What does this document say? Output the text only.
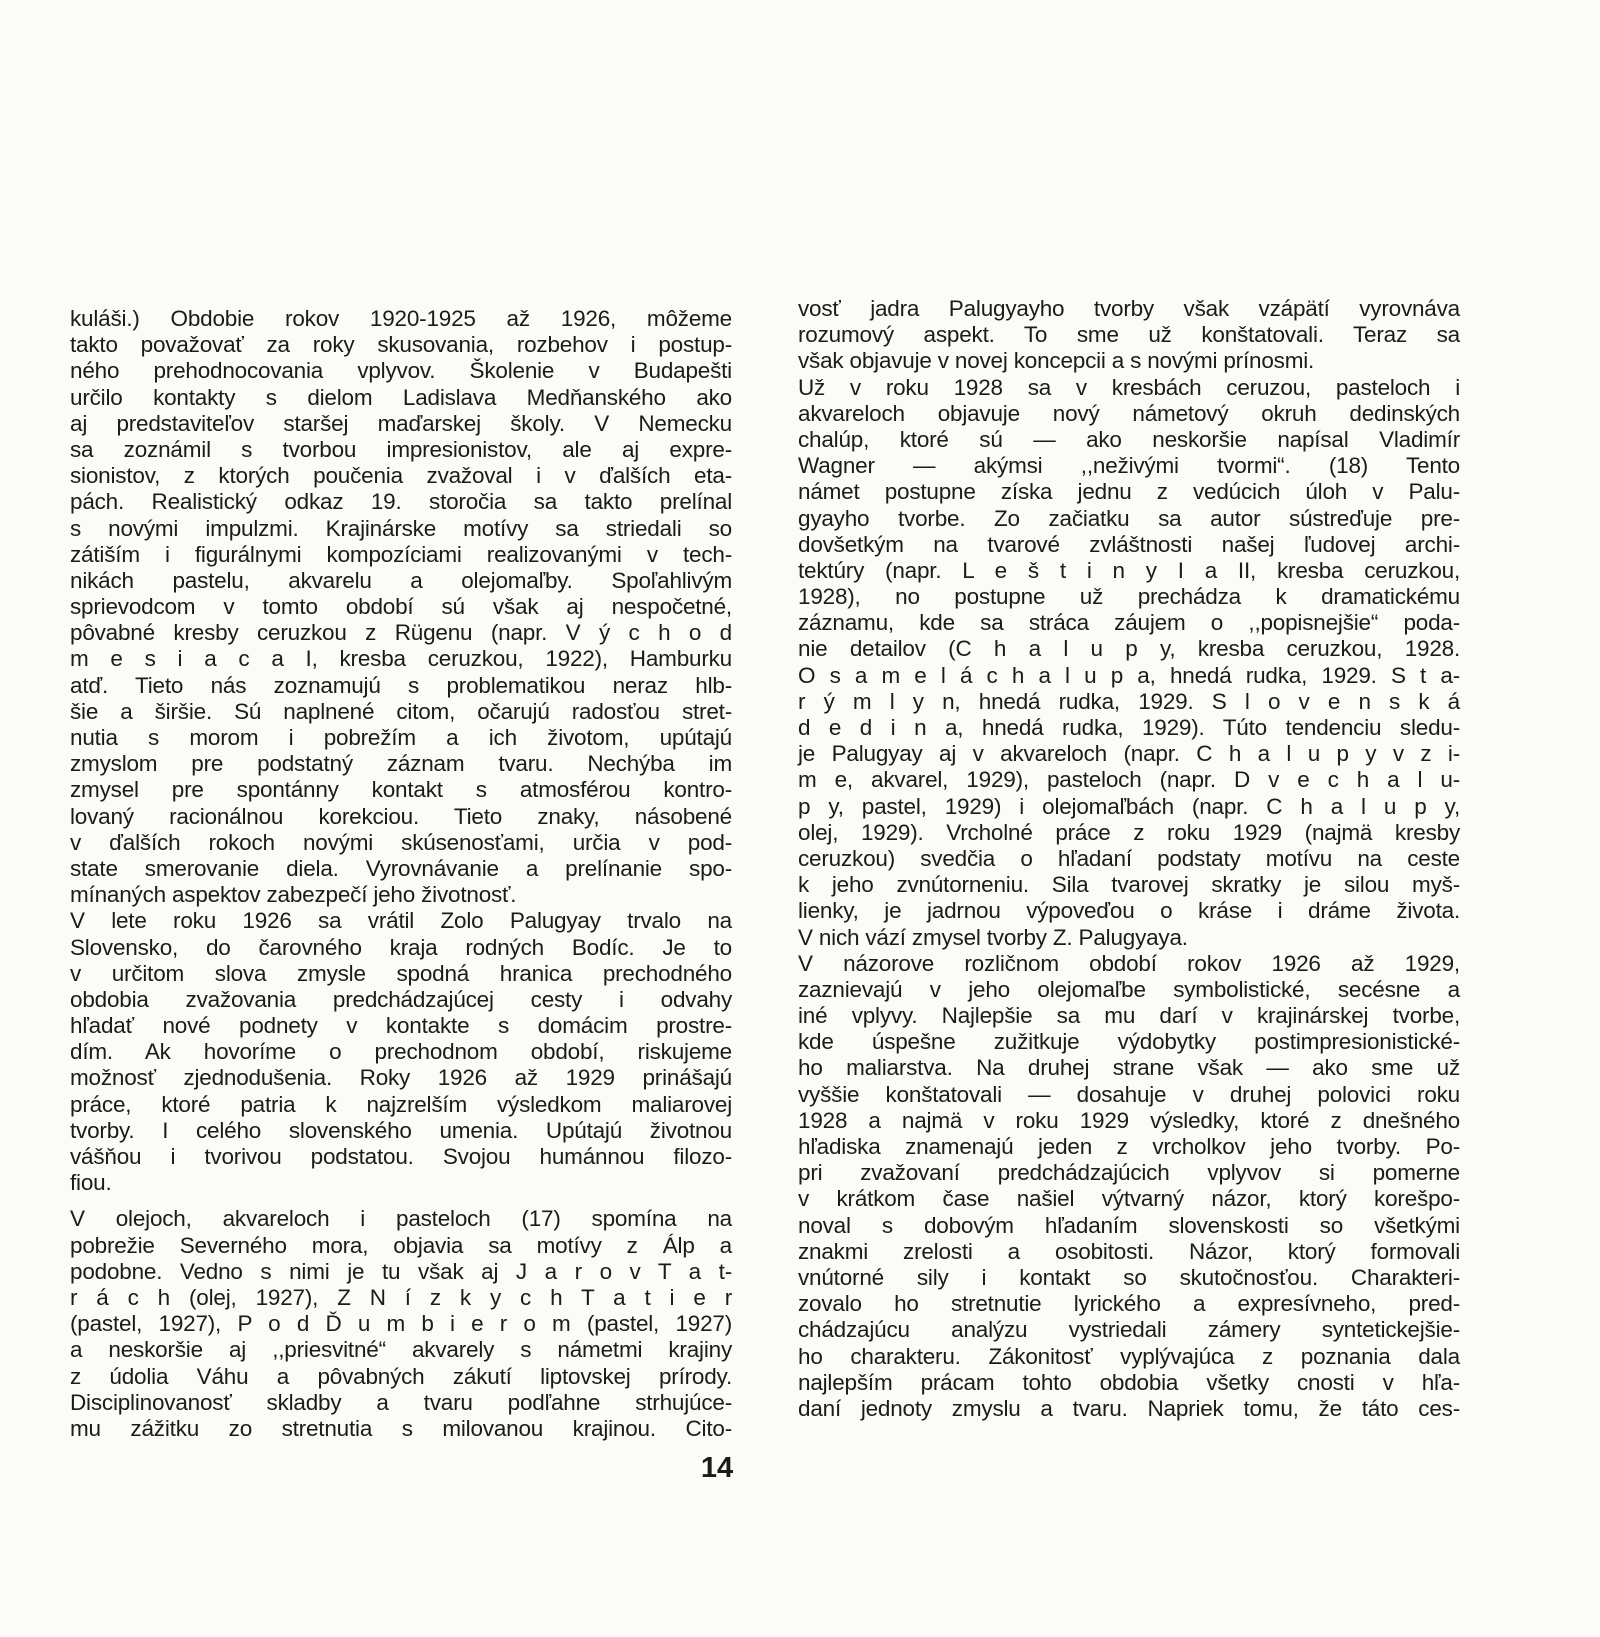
kuláši.) Obdobie rokov 1920-1925 až 1926, môžeme
takto považovať za roky skusovania, rozbehov i postup-
ného prehodnocovania vplyvov. Školenie v Budapešti
určilo kontakty s dielom Ladislava Medňanského ako
aj predstaviteľov staršej maďarskej školy. V Nemecku
sa zoznámil s tvorbou impresionistov, ale aj expre-
sionistov, z ktorých poučenia zvažoval i v ďalších eta-
pách. Realistický odkaz 19. storočia sa takto prelínal
s novými impulzmi. Krajinárske motívy sa striedali so
zátiším i figurálnymi kompozíciami realizovanými v tech-
nikách pastelu, akvarelu a olejomaľby. Spoľahlivým
sprievodcom v tomto období sú však aj nespočetné,
pôvabné kresby ceruzkou z Rügenu (napr. V ý c h o d
m e s i a c a I, kresba ceruzkou, 1922), Hamburku
atď. Tieto nás zoznamujú s problematikou neraz hlb-
šie a širšie. Sú naplnené citom, očarujú radosťou stret-
nutia s morom i pobrežím a ich životom, upútajú
zmyslom pre podstatný záznam tvaru. Nechýba im
zmysel pre spontánny kontakt s atmosférou kontro-
lovaný racionálnou korekciou. Tieto znaky, násobené
v ďalších rokoch novými skúsenosťami, určia v pod-
state smerovanie diela. Vyrovnávanie a prelínanie spo-
mínaných aspektov zabezpečí jeho životnosť.
V lete roku 1926 sa vrátil Zolo Palugyay trvalo na
Slovensko, do čarovného kraja rodných Bodíc. Je to
v určitom slova zmysle spodná hranica prechodného
obdobia zvažovania predchádzajúcej cesty i odvahy
hľadať nové podnety v kontakte s domácim prostre-
dím. Ak hovoríme o prechodnom období, riskujeme
možnosť zjednodušenia. Roky 1926 až 1929 prinášajú
práce, ktoré patria k najzrelším výsledkom maliarovej
tvorby. I celého slovenského umenia. Upútajú životnou
vášňou i tvorivou podstatou. Svojou humánnou filozo-
fiou.
V olejoch, akvareloch i pasteloch (17) spomína na
pobrežie Severného mora, objavia sa motívy z Álp a
podobne. Vedno s nimi je tu však aj J a r o v T a t-
r á c h (olej, 1927), Z N í z k y c h T a t i e r
(pastel, 1927), P o d Ď u m b i e r o m (pastel, 1927)
a neskoršie aj ,,priesvitné“ akvarely s námetmi krajiny
z údolia Váhu a pôvabných zákutí liptovskej prírody.
Disciplinovanosť skladby a tvaru podľahne strhujúce-
mu zážitku zo stretnutia s milovanou krajinou. Cito-
vosť jadra Palugyayho tvorby však vzápätí vyrovnáva
rozumový aspekt. To sme už konštatovali. Teraz sa
však objavuje v novej koncepcii a s novými prínosmi.
Už v roku 1928 sa v kresbách ceruzou, pasteloch i
akvareloch objavuje nový námetový okruh dedinských
chalúp, ktoré sú — ako neskoršie napísal Vladimír
Wagner — akýmsi ,,neživými tvormi“. (18) Tento
námet postupne získa jednu z vedúcich úloh v Palu-
gyayho tvorbe. Zo začiatku sa autor sústreďuje pre-
dovšetkým na tvarové zvláštnosti našej ľudovej archi-
tektúry (napr. L e š t i n y I a II, kresba ceruzkou,
1928), no postupne už prechádza k dramatickému
záznamu, kde sa stráca záujem o ,,popisnejšie“ poda-
nie detailov (C h a l u p y, kresba ceruzkou, 1928.
O s a m e l á c h a l u p a, hnedá rudka, 1929. S t a-
r ý m l y n, hnedá rudka, 1929. S l o v e n s k á
d e d i n a, hnedá rudka, 1929). Túto tendenciu sledu-
je Palugyay aj v akvareloch (napr. C h a l u p y v z i-
m e, akvarel, 1929), pasteloch (napr. D v e c h a l u-
p y, pastel, 1929) i olejomaľbách (napr. C h a l u p y,
olej, 1929). Vrcholné práce z roku 1929 (najmä kresby
ceruzkou) svedčia o hľadaní podstaty motívu na ceste
k jeho zvnútorneniu. Sila tvarovej skratky je silou myš-
lienky, je jadrnou výpoveďou o kráse i dráme života.
V nich vází zmysel tvorby Z. Palugyaya.
V názorove rozličnom období rokov 1926 až 1929,
zaznievajú v jeho olejomaľbe symbolistické, secésne a
iné vplyvy. Najlepšie sa mu darí v krajinárskej tvorbe,
kde úspešne zužitkuje výdobytky postimpresionistické-
ho maliarstva. Na druhej strane však — ako sme už
vyššie konštatovali — dosahuje v druhej polovici roku
1928 a najmä v roku 1929 výsledky, ktoré z dnešného
hľadiska znamenajú jeden z vrcholkov jeho tvorby. Po-
pri zvažovaní predchádzajúcich vplyvov si pomerne
v krátkom čase našiel výtvarný názor, ktorý korešpo-
noval s dobovým hľadaním slovenskosti so všetkými
znakmi zrelosti a osobitosti. Názor, ktorý formovali
vnútorné sily i kontakt so skutočnosťou. Charakteri-
zovalo ho stretnutie lyrického a expresívneho, pred-
chádzajúcu analýzu vystriedali zámery syntetickejšie-
ho charakteru. Zákonitosť vyplývajúca z poznania dala
najlepším prácam tohto obdobia všetky cnosti v hľa-
daní jednoty zmyslu a tvaru. Napriek tomu, že táto ces-
14
